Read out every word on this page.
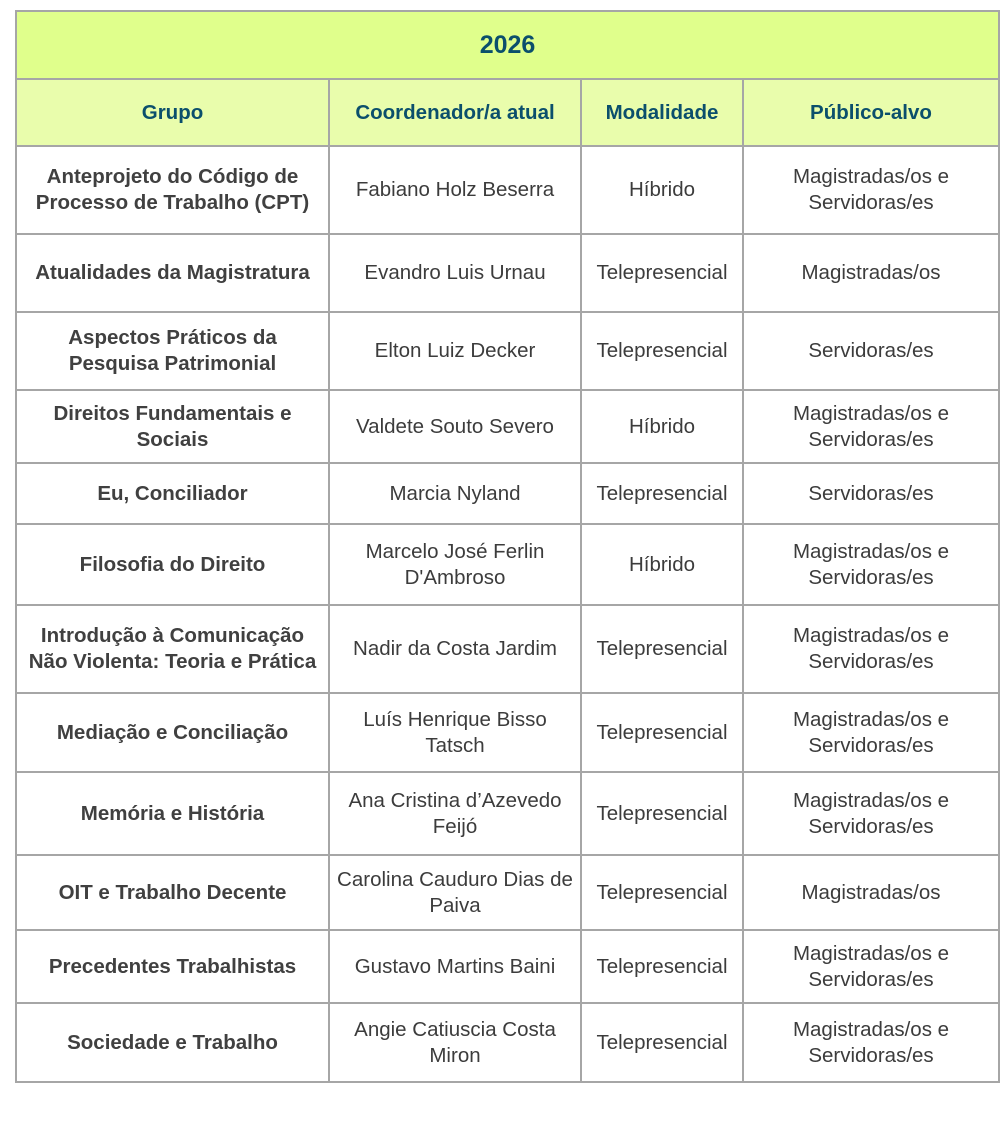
2026			
Grupo	Coordenador/a atual	Modalidade	Público-alvo
Anteprojeto do Código de Processo de Trabalho (CPT)	Fabiano Holz Beserra	Híbrido	Magistradas/os e Servidoras/es
Atualidades da Magistratura	Evandro Luis Urnau	Telepresencial	Magistradas/os
Aspectos Práticos da Pesquisa Patrimonial	Elton Luiz Decker	Telepresencial	Servidoras/es
Direitos Fundamentais e Sociais	Valdete Souto Severo	Híbrido	Magistradas/os e Servidoras/es
Eu, Conciliador	Marcia Nyland	Telepresencial	Servidoras/es
Filosofia do Direito	Marcelo José Ferlin D'Ambroso	Híbrido	Magistradas/os e Servidoras/es
Introdução à Comunicação Não Violenta: Teoria e Prática	Nadir da Costa Jardim	Telepresencial	Magistradas/os e Servidoras/es
Mediação e Conciliação	Luís Henrique Bisso Tatsch	Telepresencial	Magistradas/os e Servidoras/es
Memória e História	Ana Cristina d’Azevedo Feijó	Telepresencial	Magistradas/os e Servidoras/es
OIT e Trabalho Decente	Carolina Cauduro Dias de Paiva	Telepresencial	Magistradas/os
Precedentes Trabalhistas	Gustavo Martins Baini	Telepresencial	Magistradas/os e Servidoras/es
Sociedade e Trabalho	Angie Catiuscia Costa Miron	Telepresencial	Magistradas/os e Servidoras/es
